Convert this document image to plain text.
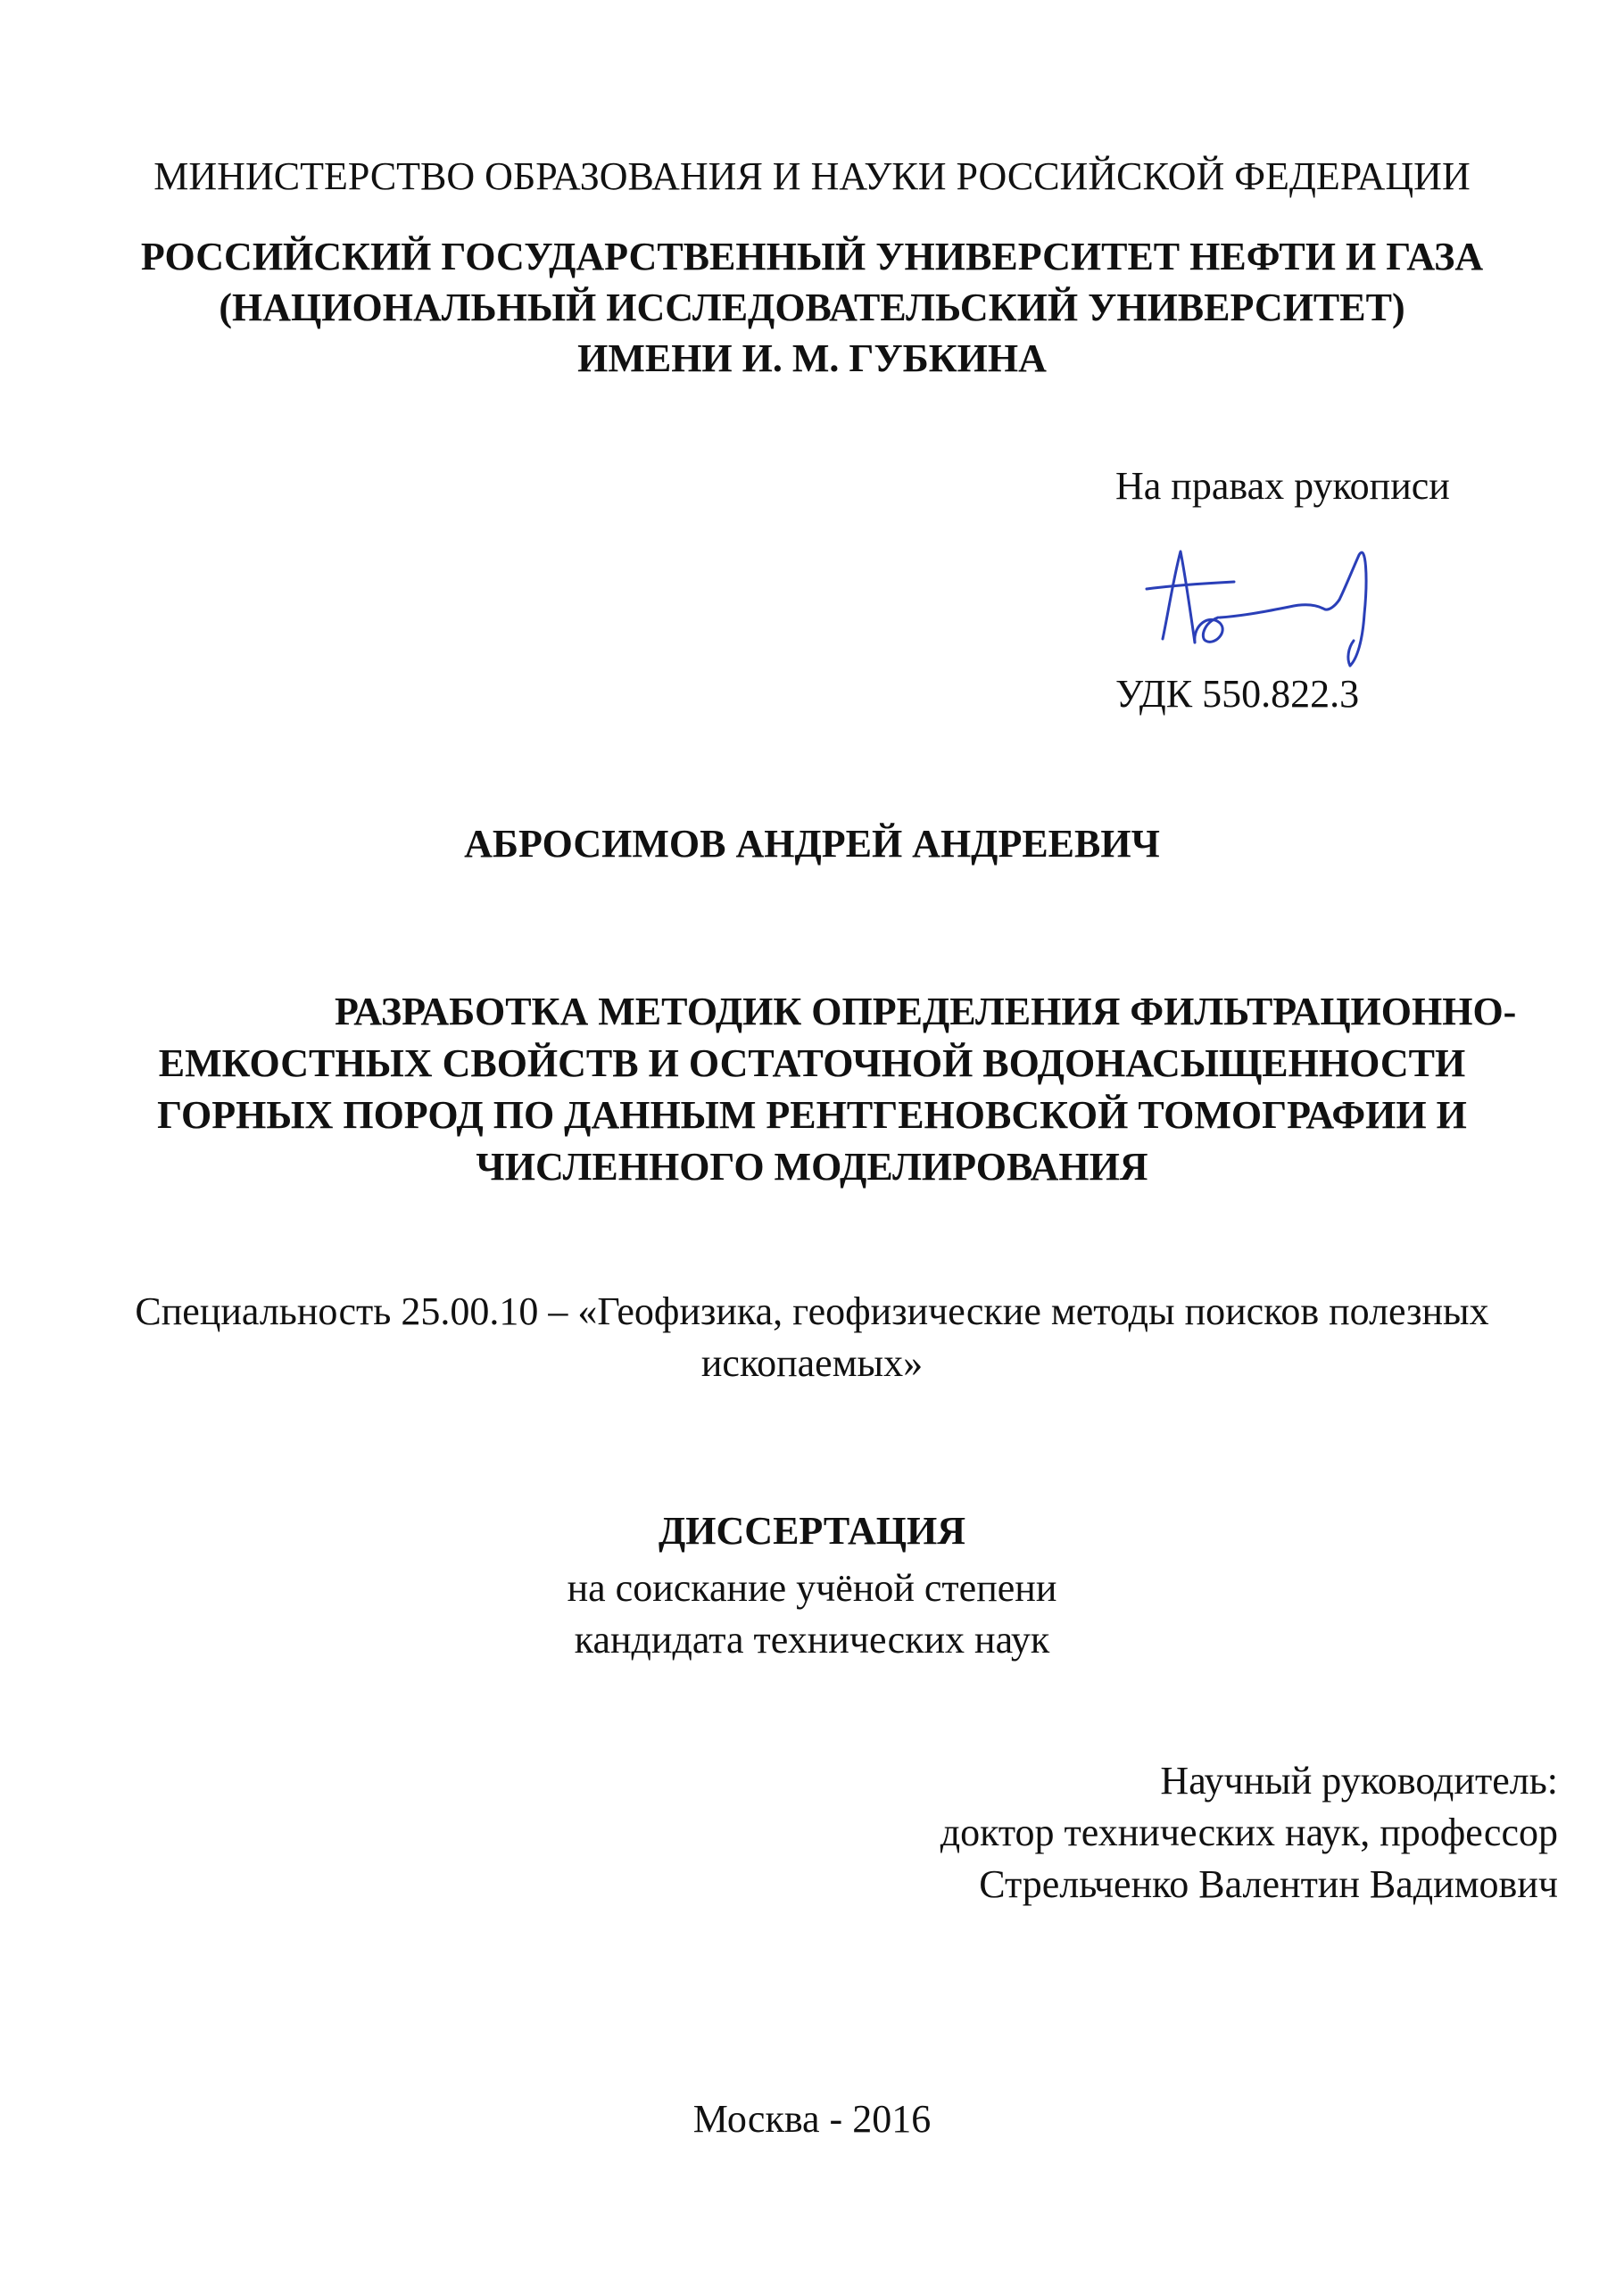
МИНИСТЕРСТВО ОБРАЗОВАНИЯ И НАУКИ РОССИЙСКОЙ ФЕДЕРАЦИИ
РОССИЙСКИЙ ГОСУДАРСТВЕННЫЙ УНИВЕРСИТЕТ НЕФТИ И ГАЗА
(НАЦИОНАЛЬНЫЙ ИССЛЕДОВАТЕЛЬСКИЙ УНИВЕРСИТЕТ)
ИМЕНИ И. М. ГУБКИНА
На правах рукописи
УДК 550.822.3
АБРОСИМОВ АНДРЕЙ АНДРЕЕВИЧ
РАЗРАБОТКА МЕТОДИК ОПРЕДЕЛЕНИЯ ФИЛЬТРАЦИОННО-
ЕМКОСТНЫХ СВОЙСТВ И ОСТАТОЧНОЙ ВОДОНАСЫЩЕННОСТИ
ГОРНЫХ ПОРОД ПО ДАННЫМ РЕНТГЕНОВСКОЙ ТОМОГРАФИИ И
ЧИСЛЕННОГО МОДЕЛИРОВАНИЯ
Специальность 25.00.10 – «Геофизика, геофизические методы поисков полезных
ископаемых»
ДИССЕРТАЦИЯ
на соискание учёной степени
кандидата технических наук
Научный руководитель:
доктор технических наук, профессор
Стрельченко Валентин Вадимович
Москва - 2016
